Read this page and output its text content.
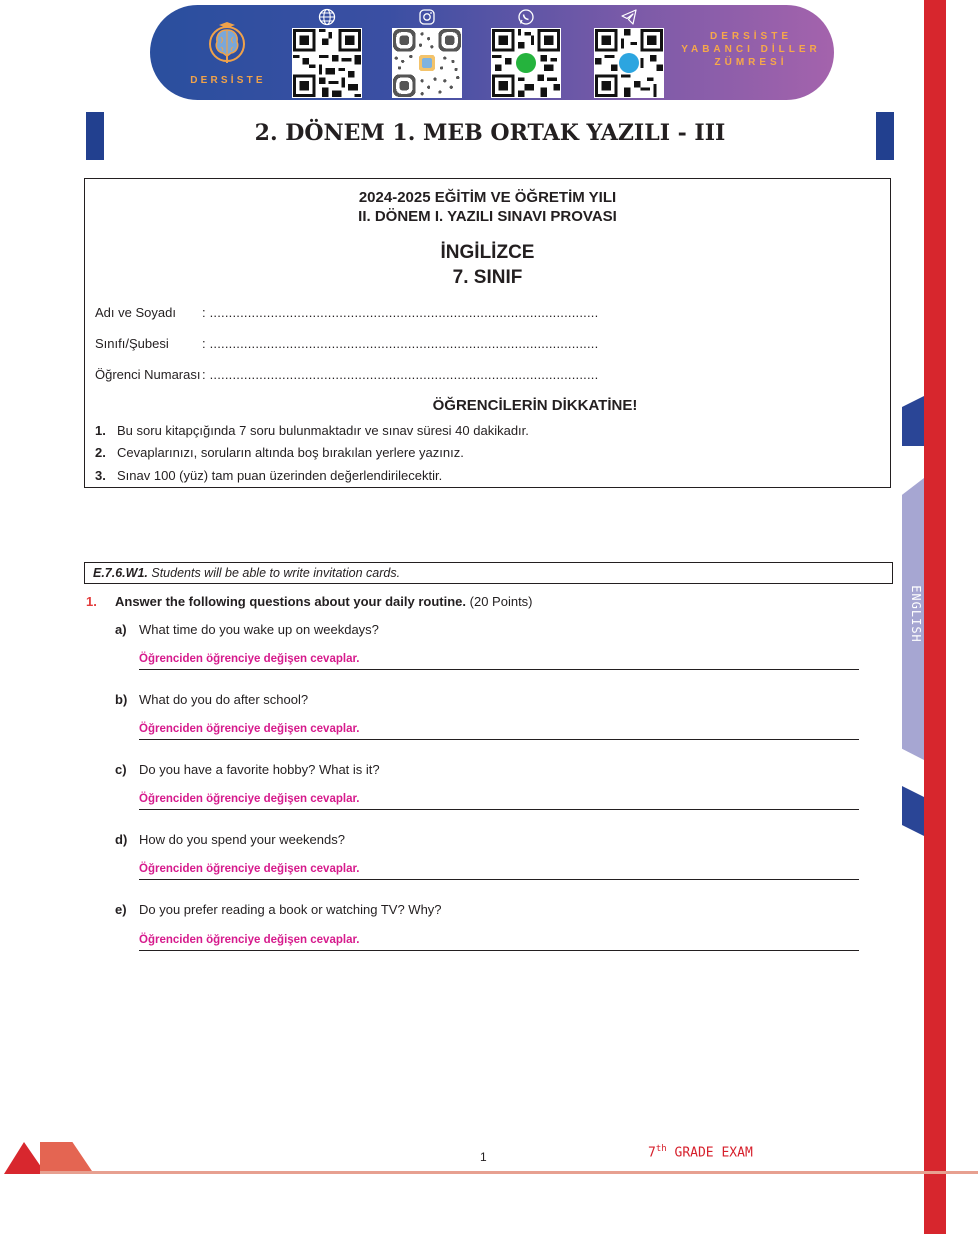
DERSİSTE
DERSİSTE
YABANCI DİLLER
ZÜMRESİ
2. DÖNEM 1. MEB ORTAK YAZILI - III
2024-2025 EĞİTİM VE ÖĞRETİM YILI
II. DÖNEM I. YAZILI SINAVI PROVASI
İNGİLİZCE
7. SINIF
Adı ve Soyadı : ......................................................................................................
Sınıfı/Şubesi	: ......................................................................................................
Öğrenci Numarası : ......................................................................................................
ÖĞRENCİLERİN DİKKATİNE!
1. Bu soru kitapçığında 7 soru bulunmaktadır ve sınav süresi 40 dakikadır.
2. Cevaplarınızı, soruların altında boş bırakılan yerlere yazınız.
3. Sınav 100 (yüz) tam puan üzerinden değerlendirilecektir.
E.7.6.W1. Students will be able to write invitation cards.
1. Answer the following questions about your daily routine. (20 Points)
a) What time do you wake up on weekdays?
Öğrenciden öğrenciye değişen cevaplar.
b) What do you do after school?
Öğrenciden öğrenciye değişen cevaplar.
c) Do you have a favorite hobby? What is it?
Öğrenciden öğrenciye değişen cevaplar.
d) How do you spend your weekends?
Öğrenciden öğrenciye değişen cevaplar.
e) Do you prefer reading a book or watching TV? Why?
Öğrenciden öğrenciye değişen cevaplar.
ENGLISH
1	7th GRADE EXAM
